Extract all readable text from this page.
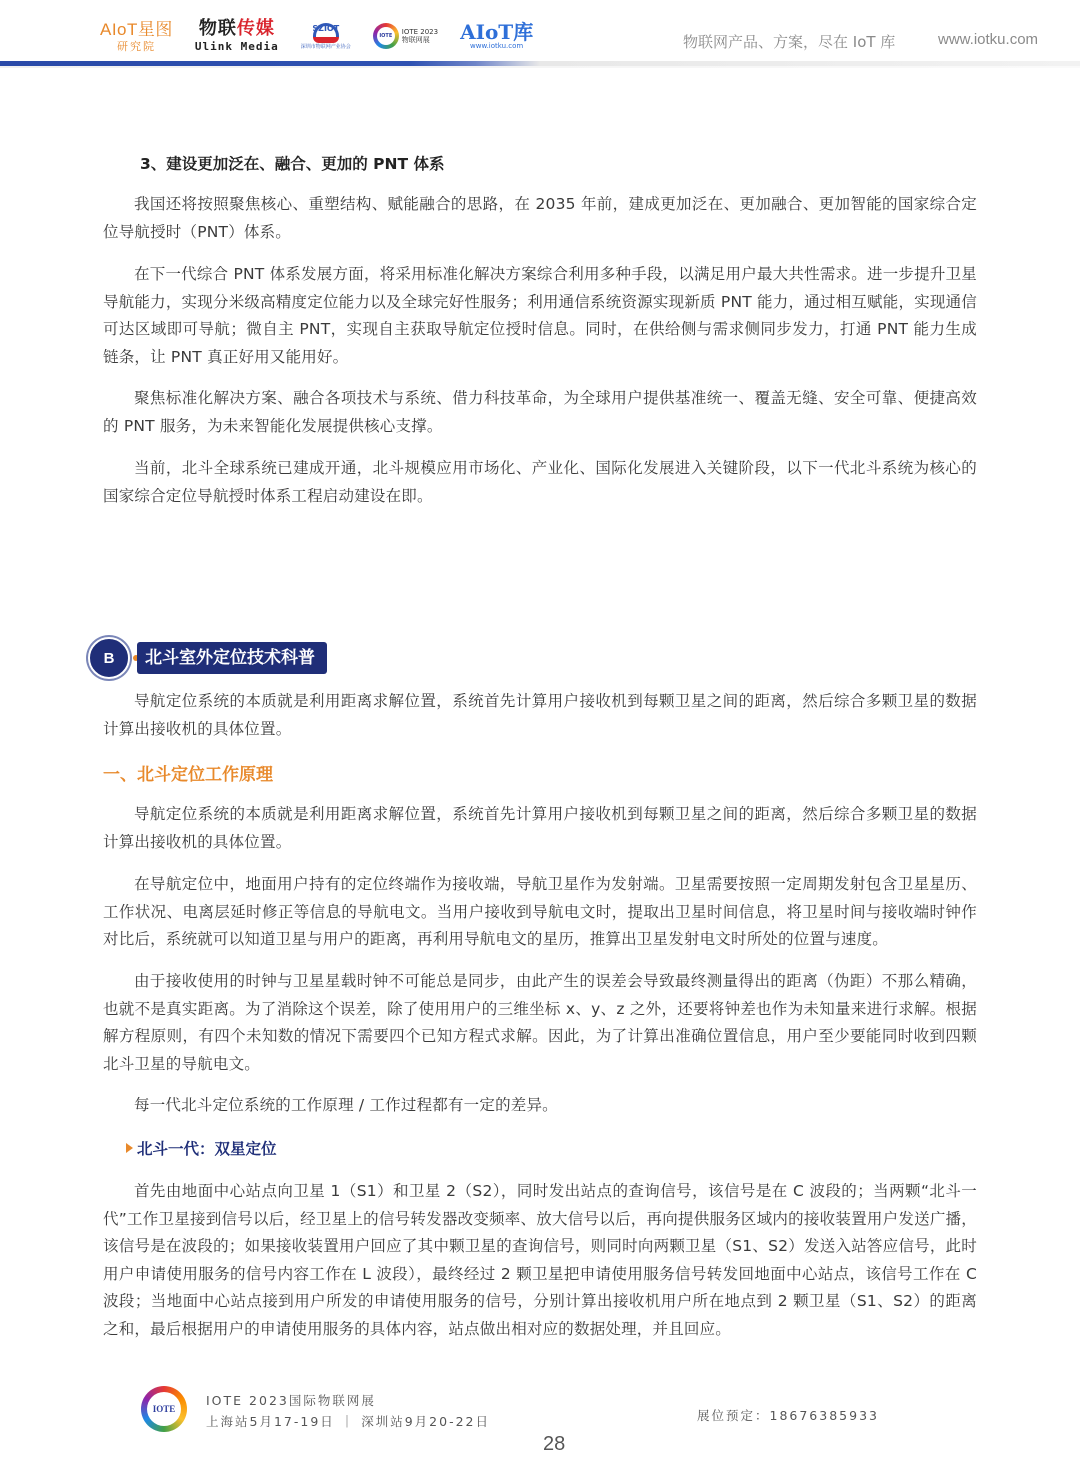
AIoT星图
研究院
物联传媒
Ulink Media
SZIOT
深圳市物联网产业协会
IOTE	IOTE 2023
物联网展	AIoT库
www.iotku.com	物联网产品、方案，尽在 IoT 库	www.iotku.com
3、建设更加泛在、融合、更加的 PNT 体系

我国还将按照聚焦核心、重塑结构、赋能融合的思路，在 2035 年前，建成更加泛在、更加融合、更加智能的国家综合定位导航授时（PNT）体系。

在下一代综合 PNT 体系发展方面，将采用标准化解决方案综合利用多种手段，以满足用户最大共性需求。进一步提升卫星导航能力，实现分米级高精度定位能力以及全球完好性服务；利用通信系统资源实现新质 PNT 能力，通过相互赋能，实现通信可达区域即可导航；微自主 PNT，实现自主获取导航定位授时信息。同时，在供给侧与需求侧同步发力，打通 PNT 能力生成链条，让 PNT 真正好用又能用好。

聚焦标准化解决方案、融合各项技术与系统、借力科技革命，为全球用户提供基准统一、覆盖无缝、安全可靠、便捷高效的 PNT 服务，为未来智能化发展提供核心支撑。

当前，北斗全球系统已建成开通，北斗规模应用市场化、产业化、国际化发展进入关键阶段，以下一代北斗系统为核心的国家综合定位导航授时体系工程启动建设在即。

B	北斗室外定位技术科普

导航定位系统的本质就是利用距离求解位置，系统首先计算用户接收机到每颗卫星之间的距离，然后综合多颗卫星的数据计算出接收机的具体位置。

一、北斗定位工作原理

导航定位系统的本质就是利用距离求解位置，系统首先计算用户接收机到每颗卫星之间的距离，然后综合多颗卫星的数据计算出接收机的具体位置。

在导航定位中，地面用户持有的定位终端作为接收端，导航卫星作为发射端。卫星需要按照一定周期发射包含卫星星历、工作状况、电离层延时修正等信息的导航电文。当用户接收到导航电文时，提取出卫星时间信息，将卫星时间与接收端时钟作对比后，系统就可以知道卫星与用户的距离，再利用导航电文的星历，推算出卫星发射电文时所处的位置与速度。

由于接收使用的时钟与卫星星载时钟不可能总是同步，由此产生的误差会导致最终测量得出的距离（伪距）不那么精确，也就不是真实距离。为了消除这个误差，除了使用用户的三维坐标 x、y、z 之外，还要将钟差也作为未知量来进行求解。根据解方程原则，有四个未知数的情况下需要四个已知方程式求解。因此，为了计算出准确位置信息，用户至少要能同时收到四颗北斗卫星的导航电文。

每一代北斗定位系统的工作原理 / 工作过程都有一定的差异。

北斗一代：双星定位

首先由地面中心站点向卫星 1（S1）和卫星 2（S2），同时发出站点的查询信号，该信号是在 C 波段的；当两颗“北斗一代”工作卫星接到信号以后，经卫星上的信号转发器改变频率、放大信号以后，再向提供服务区域内的接收装置用户发送广播，该信号是在波段的；如果接收装置用户回应了其中颗卫星的查询信号，则同时向两颗卫星（S1、S2）发送入站答应信号，此时用户申请使用服务的信号内容工作在 L 波段），最终经过 2 颗卫星把申请使用服务信号转发回地面中心站点，该信号工作在 C 波段；当地面中心站点接到用户所发的申请使用服务的信号，分别计算出接收机用户所在地点到 2 颗卫星（S1、S2）的距离之和，最后根据用户的申请使用服务的具体内容，站点做出相对应的数据处理，并且回应。

IOTE
IOTE 2023国际物联网展
上海站5月17-19日 ｜ 深圳站9月20-22日	展位预定：18676385933
28
